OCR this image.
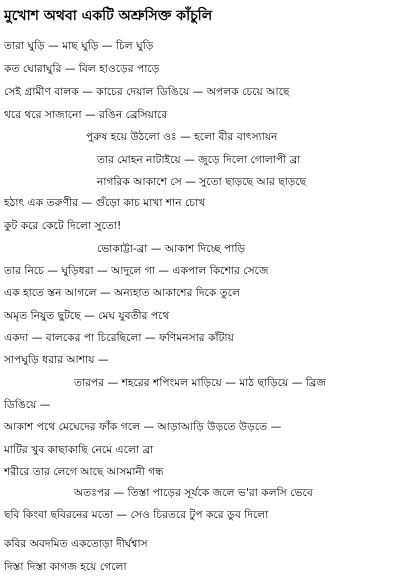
মুখোশ অথবা একটি অশ্রুসিক্ত কাঁচুলি
তারা ঘুড়ি — মাছ ঘুড়ি — চিল ঘুড়ি
কত ঘোরাঘুরি — বিল হাওড়ের পাড়ে
সেই গ্রামীণ বালক — কাচের দেয়াল ডিঙিয়ে — অপলক চেয়ে আছে
থরে থরে সাজানো — রঙিন ব্রেসিয়ারে
পুরুষ হয়ে উঠলো ওঃ — হলো বীর বাৎস্যায়ন
তার মোহন নাটাইয়ে — জুড়ে দিলো গোলাপী ব্রা
নাগরিক আকাশে সে — সুতো ছাড়ছে আর ছাড়ছে
হঠাৎ এক তরুণীর — গুঁড়ো কাচ মাখা শান চোখ
কুট করে কেটে দিলো সুতো!
ভোকাট্টা-ব্রা — আকাশ দিচ্ছে পাড়ি
তার নিচে — ঘুড়িধরা — আদুলে গা — একপাল কিশোর সেজে
এক হাতে স্তন আগলে — অন্যহাত আকাশের দিকে তুলে
অমৃত নিযুত ছুটছে — মেঘ যুবতীর পথে
একদা — বালকের পা চিরেছিলো — ফণিমনসার কাঁটায়
সাপঘুড়ি ধরার আশায় —
তারপর — শহরের শপিংমল মাড়িয়ে — মাঠ ছাড়িয়ে — ব্রিজ
ডিঙিয়ে —
আকাশ পথে মেঘেদের ফাঁক গলে — আড়াআড়ি উড়তে উড়তে —
মাটির খুব কাছাকাছি নেমে এলো ব্রা
শরীরে তার লেগে আছে আসমানী গন্ধ
অতঃপর — তিস্তা পাড়ের সূর্যকে জলে ভ'রা কলসি ভেবে
ছবি কিংবা ছবিরনের মতো — সেও চিরতরে টুপ করে ডুব দিলো
কবির অবদমিত একতোড়া দীর্ঘশ্বাস
দিস্তা দিস্তা কাগজ হয়ে গেলো
